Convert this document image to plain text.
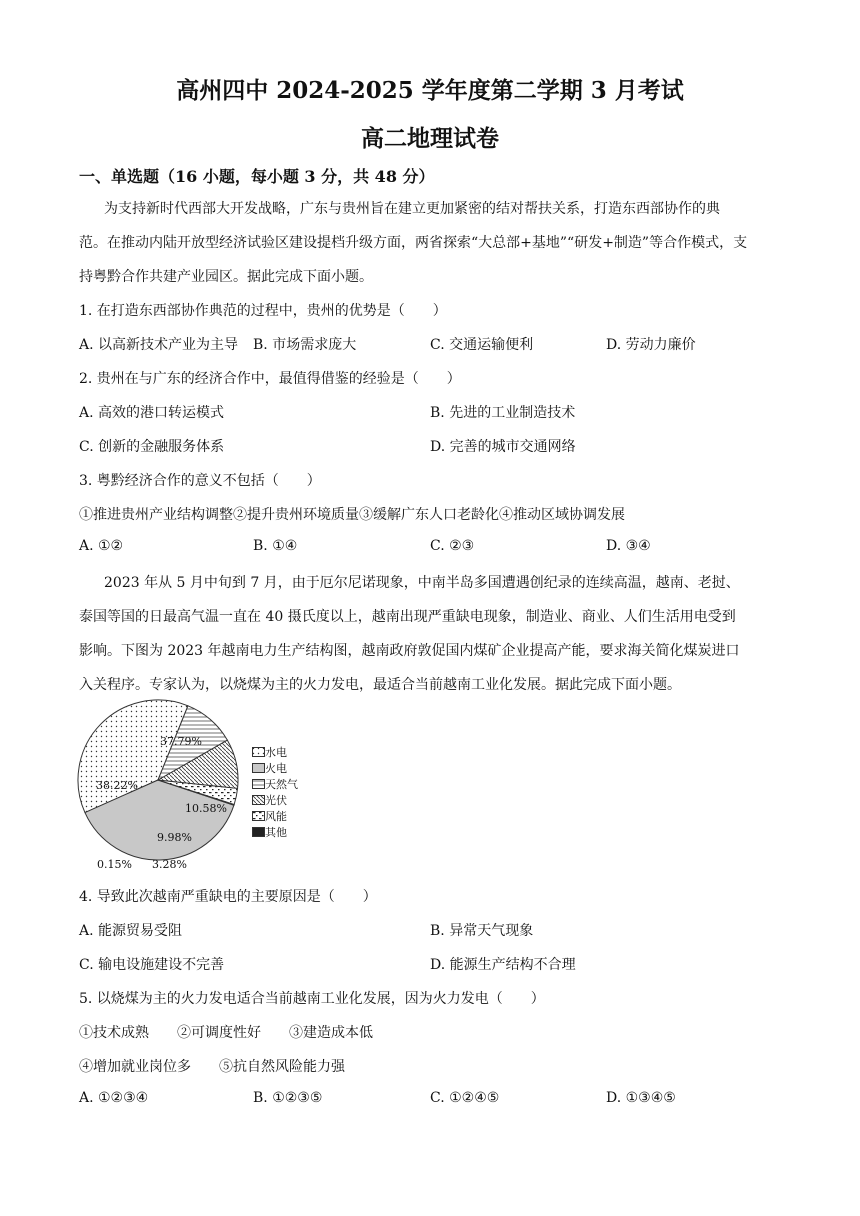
高州四中 2024-2025 学年度第二学期 3 月考试
高二地理试卷
一、单选题（16 小题，每小题 3 分，共 48 分）
为支持新时代西部大开发战略，广东与贵州旨在建立更加紧密的结对帮扶关系，打造东西部协作的典
范。在推动内陆开放型经济试验区建设提档升级方面，两省探索“大总部+基地”“研发+制造”等合作模式，支
持粤黔合作共建产业园区。据此完成下面小题。
1. 在打造东西部协作典范的过程中，贵州的优势是（　　）
A. 以高新技术产业为主导 B. 市场需求庞大	C. 交通运输便利	D. 劳动力廉价
2. 贵州在与广东的经济合作中，最值得借鉴的经验是（　　）
A. 高效的港口转运模式	B. 先进的工业制造技术
C. 创新的金融服务体系	D. 完善的城市交通网络
3. 粤黔经济合作的意义不包括（　　）
①推进贵州产业结构调整②提升贵州环境质量③缓解广东人口老龄化④推动区域协调发展
A. ①②	B. ①④	C. ②③	D. ③④
2023 年从 5 月中旬到 7 月，由于厄尔尼诺现象，中南半岛多国遭遇创纪录的连续高温，越南、老挝、
泰国等国的日最高气温一直在 40 摄氏度以上，越南出现严重缺电现象，制造业、商业、人们生活用电受到
影响。下图为 2023 年越南电力生产结构图，越南政府敦促国内煤矿企业提高产能，要求海关简化煤炭进口
入关程序。专家认为，以烧煤为主的火力发电，最适合当前越南工业化发展。据此完成下面小题。
37.79%
38.22%
10.58%
9.98%
3.28%
0.15%
水电
火电
天然气
光伏
风能
其他
4. 导致此次越南严重缺电的主要原因是（　　）
A. 能源贸易受阻	B. 异常天气现象
C. 输电设施建设不完善	D. 能源生产结构不合理
5. 以烧煤为主的火力发电适合当前越南工业化发展，因为火力发电（　　）
①技术成熟　　②可调度性好　　③建造成本低
④增加就业岗位多　　⑤抗自然风险能力强
A. ①②③④	B. ①②③⑤	C. ①②④⑤	D. ①③④⑤
